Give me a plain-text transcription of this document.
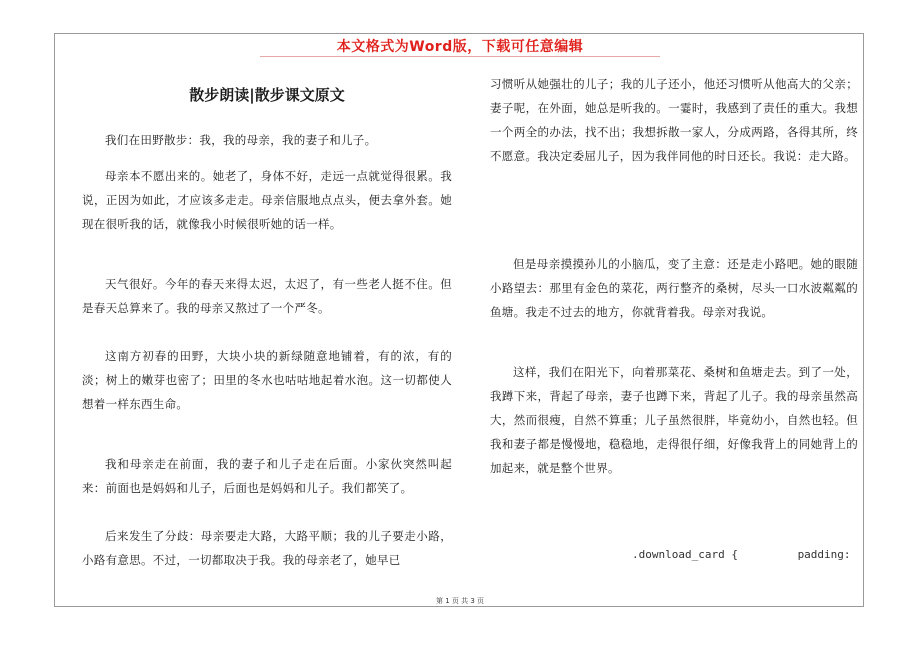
本文格式为Word版，下载可任意编辑
散步朗读|散步课文原文

我们在田野散步：我，我的母亲，我的妻子和儿子。

母亲本不愿出来的。她老了，身体不好，走远一点就觉得很累。我说，正因为如此，才应该多走走。母亲信服地点点头，便去拿外套。她现在很听我的话，就像我小时候很听她的话一样。

天气很好。今年的春天来得太迟，太迟了，有一些老人挺不住。但是春天总算来了。我的母亲又熬过了一个严冬。

这南方初春的田野，大块小块的新绿随意地铺着，有的浓，有的淡；树上的嫩芽也密了；田里的冬水也咕咕地起着水泡。这一切都使人想着一样东西生命。

我和母亲走在前面，我的妻子和儿子走在后面。小家伙突然叫起来：前面也是妈妈和儿子，后面也是妈妈和儿子。我们都笑了。

后来发生了分歧：母亲要走大路，大路平顺；我的儿子要走小路，小路有意思。不过，一切都取决于我。我的母亲老了，她早已

习惯听从她强壮的儿子；我的儿子还小，他还习惯听从他高大的父亲；妻子呢，在外面，她总是听我的。一霎时，我感到了责任的重大。我想一个两全的办法，找不出；我想拆散一家人，分成两路，各得其所，终不愿意。我决定委屈儿子，因为我伴同他的时日还长。我说：走大路。

但是母亲摸摸孙儿的小脑瓜，变了主意：还是走小路吧。她的眼随小路望去：那里有金色的菜花，两行整齐的桑树，尽头一口水波粼粼的鱼塘。我走不过去的地方，你就背着我。母亲对我说。

这样，我们在阳光下，向着那菜花、桑树和鱼塘走去。到了一处，我蹲下来，背起了母亲，妻子也蹲下来，背起了儿子。我的母亲虽然高大，然而很瘦，自然不算重；儿子虽然很胖，毕竟幼小，自然也轻。但我和妻子都是慢慢地，稳稳地，走得很仔细，好像我背上的同她背上的加起来，就是整个世界。

.download_card {         padding:
第 1 页 共 3 页
